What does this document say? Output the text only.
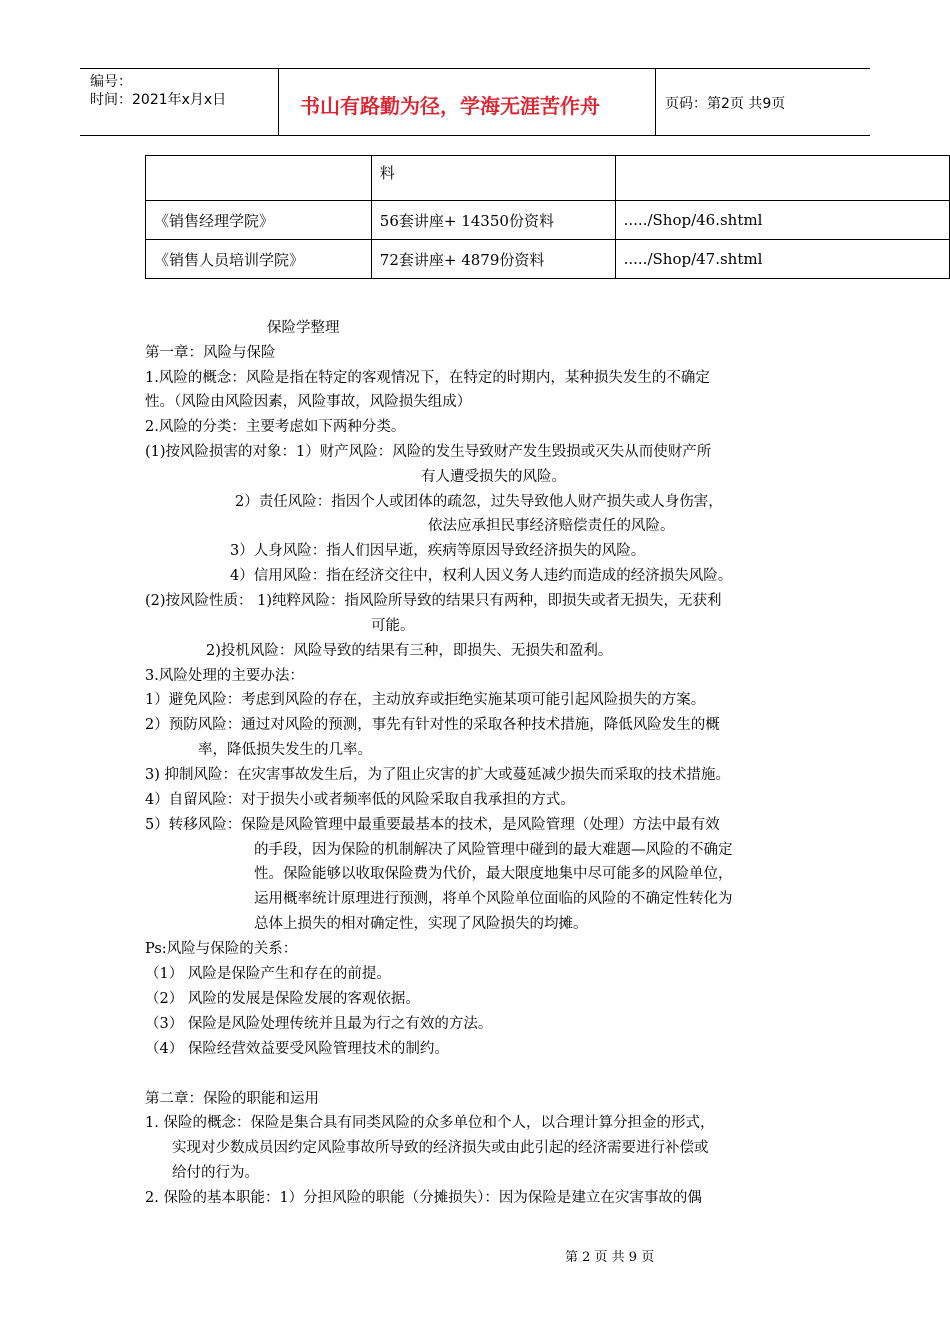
编号：
时间：2021年x月x日	书山有路勤为径，学海无涯苦作舟	页码：第2页 共9页
	料	
《销售经理学院》	56套讲座+ 14350份资料	...../Shop/46.shtml
《销售人员培训学院》	72套讲座+ 4879份资料	...../Shop/47.shtml
保险学整理
第一章：风险与保险
1.风险的概念：风险是指在特定的客观情况下，在特定的时期内，某种损失发生的不确定
性。（风险由风险因素，风险事故，风险损失组成）
2.风险的分类：主要考虑如下两种分类。
(1)按风险损害的对象：1）财产风险：风险的发生导致财产发生毁损或灭失从而使财产所
有人遭受损失的风险。
2）责任风险：指因个人或团体的疏忽，过失导致他人财产损失或人身伤害，
依法应承担民事经济赔偿责任的风险。
3）人身风险：指人们因早逝，疾病等原因导致经济损失的风险。
4）信用风险：指在经济交往中，权利人因义务人违约而造成的经济损失风险。
(2)按风险性质： 1)纯粹风险：指风险所导致的结果只有两种，即损失或者无损失，无获利
可能。
2)投机风险：风险导致的结果有三种，即损失、无损失和盈利。
3.风险处理的主要办法：
1）避免风险：考虑到风险的存在，主动放弃或拒绝实施某项可能引起风险损失的方案。
2）预防风险：通过对风险的预测，事先有针对性的采取各种技术措施，降低风险发生的概
率，降低损失发生的几率。
3) 抑制风险：在灾害事故发生后，为了阻止灾害的扩大或蔓延减少损失而采取的技术措施。
4）自留风险：对于损失小或者频率低的风险采取自我承担的方式。
5）转移风险：保险是风险管理中最重要最基本的技术，是风险管理（处理）方法中最有效
的手段，因为保险的机制解决了风险管理中碰到的最大难题—风险的不确定
性。保险能够以收取保险费为代价，最大限度地集中尽可能多的风险单位，
运用概率统计原理进行预测，将单个风险单位面临的风险的不确定性转化为
总体上损失的相对确定性，实现了风险损失的均摊。
Ps:风险与保险的关系：
（1） 风险是保险产生和存在的前提。
（2） 风险的发展是保险发展的客观依据。
（3） 保险是风险处理传统并且最为行之有效的方法。
（4） 保险经营效益要受风险管理技术的制约。
第二章：保险的职能和运用
1. 保险的概念：保险是集合具有同类风险的众多单位和个人，以合理计算分担金的形式，
实现对少数成员因约定风险事故所导致的经济损失或由此引起的经济需要进行补偿或
给付的行为。
2. 保险的基本职能：1）分担风险的职能（分摊损失）：因为保险是建立在灾害事故的偶
第 2 页 共 9 页
